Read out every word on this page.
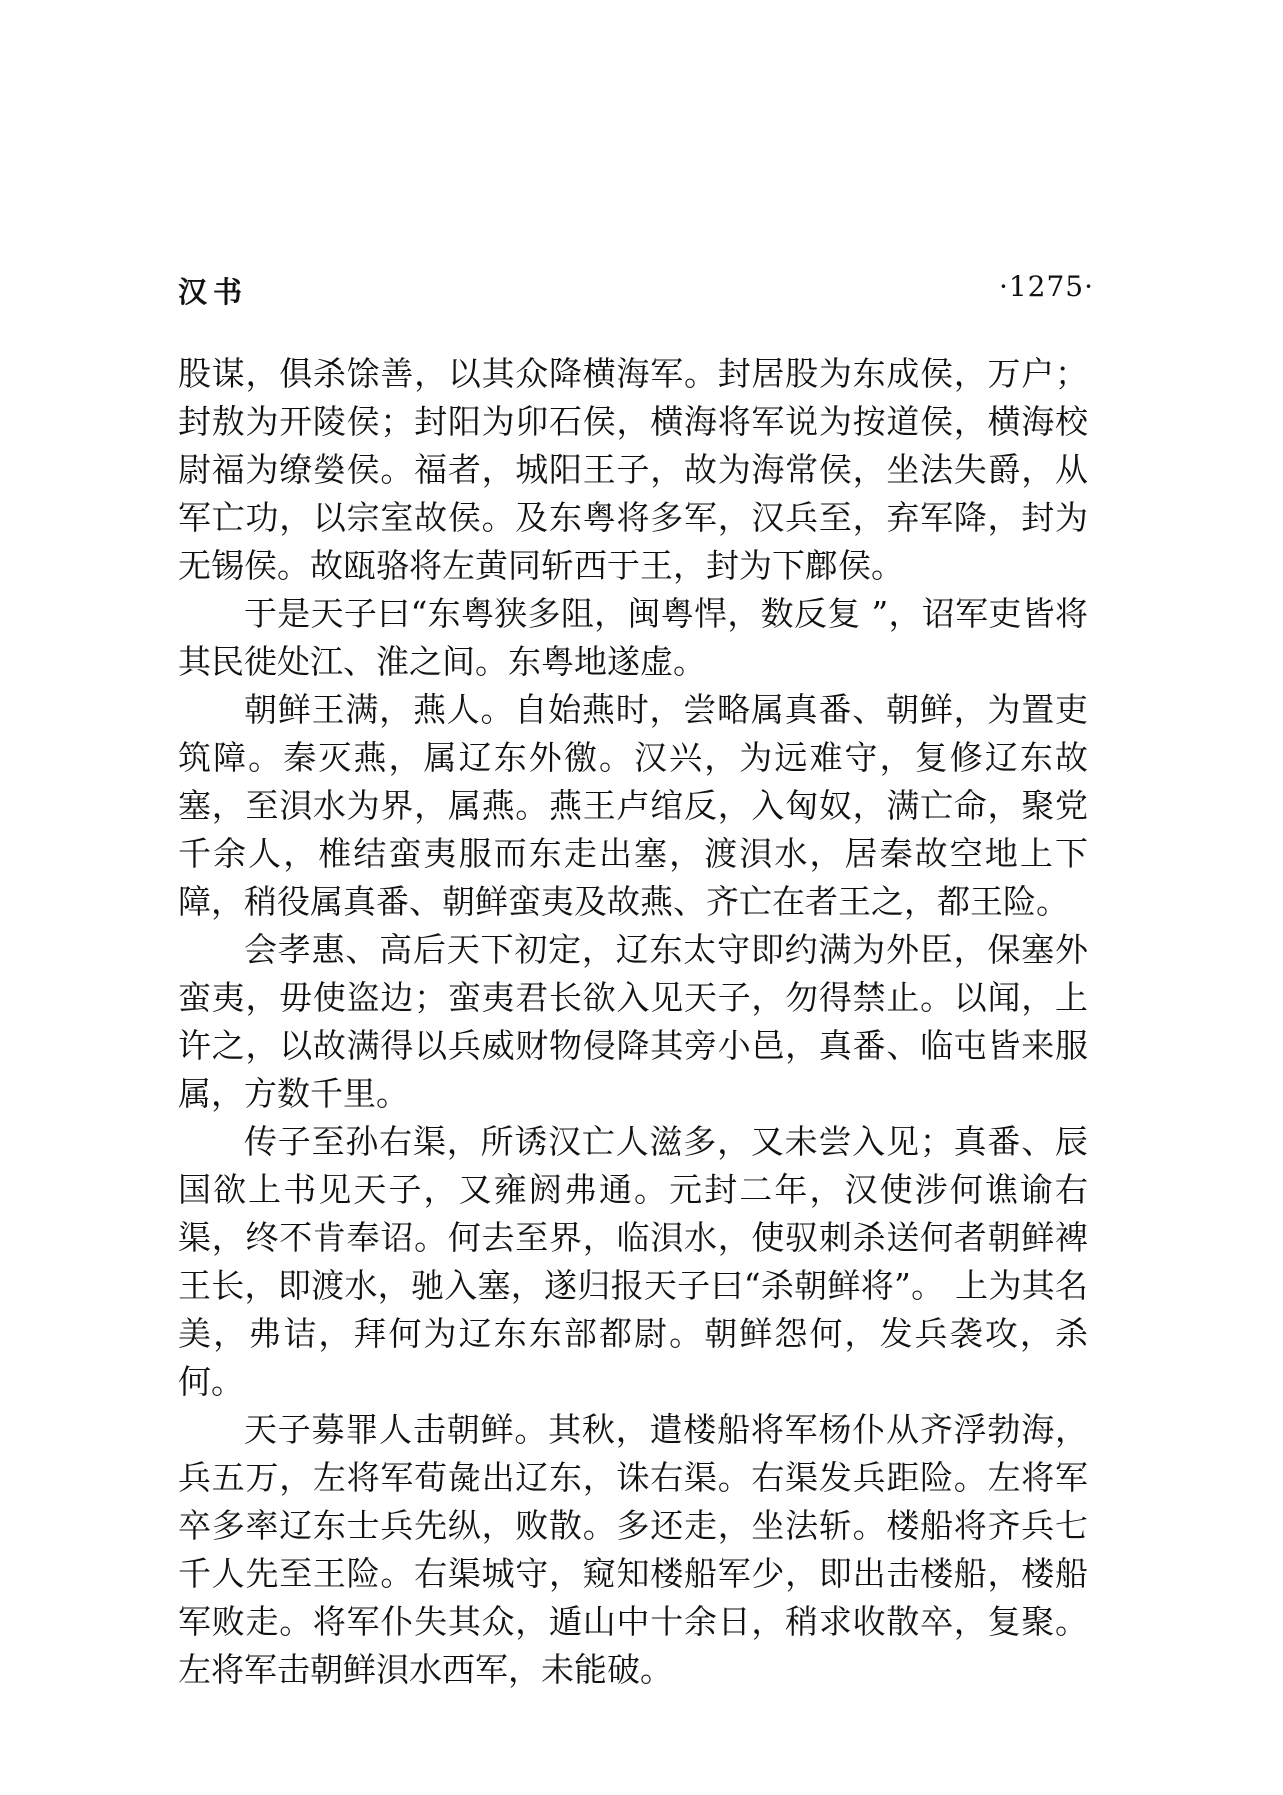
汉书	·1275·

股谋，俱杀馀善，以其众降横海军。封居股为东成侯，万户；封敖为开陵侯；封阳为卯石侯，横海将军说为按道侯，横海校尉福为缭嫈侯。福者，城阳王子，故为海常侯，坐法失爵，从军亡功，以宗室故侯。及东粤将多军，汉兵至，弃军降，封为无锡侯。故瓯骆将左黄同斩西于王，封为下鄜侯。

于是天子曰“东粤狭多阻，闽粤悍，数反复 ”，诏军吏皆将其民徙处江、淮之间。东粤地遂虚。

朝鲜王满，燕人。自始燕时，尝略属真番、朝鲜，为置吏筑障。秦灭燕，属辽东外徼。汉兴，为远难守，复修辽东故塞，至浿水为界，属燕。燕王卢绾反，入匈奴，满亡命，聚党千余人，椎结蛮夷服而东走出塞，渡浿水，居秦故空地上下障，稍役属真番、朝鲜蛮夷及故燕、齐亡在者王之，都王险。

会孝惠、高后天下初定，辽东太守即约满为外臣，保塞外蛮夷，毋使盗边；蛮夷君长欲入见天子，勿得禁止。以闻，上许之，以故满得以兵威财物侵降其旁小邑，真番、临屯皆来服属，方数千里。

传子至孙右渠，所诱汉亡人滋多，又未尝入见；真番、辰国欲上书见天子，又雍阏弗通。元封二年，汉使涉何谯谕右渠，终不肯奉诏。何去至界，临浿水，使驭刺杀送何者朝鲜裨王长，即渡水，驰入塞，遂归报天子曰“杀朝鲜将”。 上为其名美，弗诘，拜何为辽东东部都尉。朝鲜怨何，发兵袭攻，杀何。

天子募罪人击朝鲜。其秋，遣楼船将军杨仆从齐浮勃海，兵五万，左将军荀彘出辽东，诛右渠。右渠发兵距险。左将军卒多率辽东士兵先纵，败散。多还走，坐法斩。楼船将齐兵七千人先至王险。右渠城守，窥知楼船军少，即出击楼船，楼船军败走。将军仆失其众，遁山中十余日，稍求收散卒，复聚。左将军击朝鲜浿水西军，未能破。
